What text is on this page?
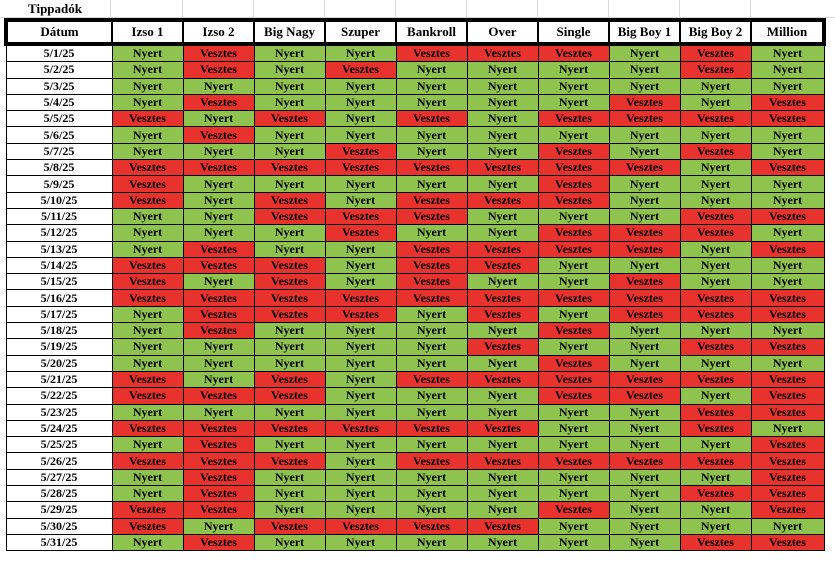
Tippadók
Dátum	Izso 1	Izso 2	Big Nagy	Szuper	Bankroll	Over	Single	Big Boy 1	Big Boy 2	Million
5/1/25	Nyert	Vesztes	Nyert	Nyert	Vesztes	Vesztes	Vesztes	Nyert	Vesztes	Nyert
5/2/25	Nyert	Vesztes	Nyert	Vesztes	Nyert	Nyert	Nyert	Nyert	Vesztes	Nyert
5/3/25	Nyert	Nyert	Nyert	Nyert	Nyert	Nyert	Nyert	Nyert	Nyert	Nyert
5/4/25	Nyert	Vesztes	Nyert	Nyert	Nyert	Nyert	Nyert	Vesztes	Nyert	Vesztes
5/5/25	Vesztes	Nyert	Vesztes	Nyert	Vesztes	Nyert	Vesztes	Vesztes	Vesztes	Vesztes
5/6/25	Nyert	Vesztes	Nyert	Nyert	Nyert	Nyert	Nyert	Nyert	Nyert	Nyert
5/7/25	Nyert	Nyert	Nyert	Vesztes	Nyert	Nyert	Vesztes	Nyert	Vesztes	Nyert
5/8/25	Vesztes	Vesztes	Vesztes	Vesztes	Vesztes	Vesztes	Vesztes	Vesztes	Nyert	Vesztes
5/9/25	Vesztes	Nyert	Nyert	Nyert	Nyert	Nyert	Vesztes	Nyert	Nyert	Nyert
5/10/25	Vesztes	Nyert	Vesztes	Nyert	Vesztes	Vesztes	Vesztes	Nyert	Nyert	Nyert
5/11/25	Nyert	Nyert	Vesztes	Vesztes	Vesztes	Nyert	Nyert	Nyert	Vesztes	Vesztes
5/12/25	Nyert	Nyert	Nyert	Vesztes	Nyert	Nyert	Vesztes	Vesztes	Vesztes	Nyert
5/13/25	Nyert	Vesztes	Nyert	Nyert	Vesztes	Vesztes	Vesztes	Vesztes	Nyert	Vesztes
5/14/25	Vesztes	Vesztes	Vesztes	Nyert	Vesztes	Vesztes	Nyert	Nyert	Nyert	Nyert
5/15/25	Vesztes	Nyert	Vesztes	Nyert	Vesztes	Nyert	Nyert	Vesztes	Nyert	Nyert
5/16/25	Vesztes	Vesztes	Vesztes	Vesztes	Vesztes	Vesztes	Vesztes	Vesztes	Vesztes	Vesztes
5/17/25	Nyert	Vesztes	Vesztes	Vesztes	Nyert	Vesztes	Nyert	Vesztes	Vesztes	Vesztes
5/18/25	Nyert	Vesztes	Nyert	Nyert	Nyert	Nyert	Vesztes	Nyert	Nyert	Nyert
5/19/25	Nyert	Nyert	Nyert	Nyert	Nyert	Vesztes	Nyert	Nyert	Vesztes	Vesztes
5/20/25	Nyert	Nyert	Nyert	Nyert	Nyert	Nyert	Vesztes	Nyert	Nyert	Nyert
5/21/25	Vesztes	Nyert	Vesztes	Nyert	Vesztes	Vesztes	Vesztes	Vesztes	Vesztes	Vesztes
5/22/25	Vesztes	Vesztes	Vesztes	Nyert	Nyert	Nyert	Vesztes	Vesztes	Nyert	Vesztes
5/23/25	Nyert	Nyert	Nyert	Nyert	Nyert	Nyert	Nyert	Nyert	Vesztes	Vesztes
5/24/25	Vesztes	Vesztes	Vesztes	Vesztes	Vesztes	Vesztes	Nyert	Nyert	Vesztes	Nyert
5/25/25	Nyert	Vesztes	Nyert	Nyert	Nyert	Nyert	Nyert	Nyert	Nyert	Vesztes
5/26/25	Vesztes	Vesztes	Vesztes	Nyert	Vesztes	Vesztes	Vesztes	Vesztes	Vesztes	Vesztes
5/27/25	Nyert	Vesztes	Nyert	Nyert	Nyert	Nyert	Nyert	Nyert	Nyert	Vesztes
5/28/25	Nyert	Vesztes	Nyert	Nyert	Nyert	Nyert	Nyert	Nyert	Vesztes	Vesztes
5/29/25	Vesztes	Vesztes	Nyert	Nyert	Nyert	Nyert	Vesztes	Nyert	Nyert	Vesztes
5/30/25	Vesztes	Nyert	Vesztes	Vesztes	Vesztes	Vesztes	Nyert	Nyert	Nyert	Nyert
5/31/25	Nyert	Vesztes	Nyert	Nyert	Nyert	Nyert	Nyert	Nyert	Vesztes	Vesztes
